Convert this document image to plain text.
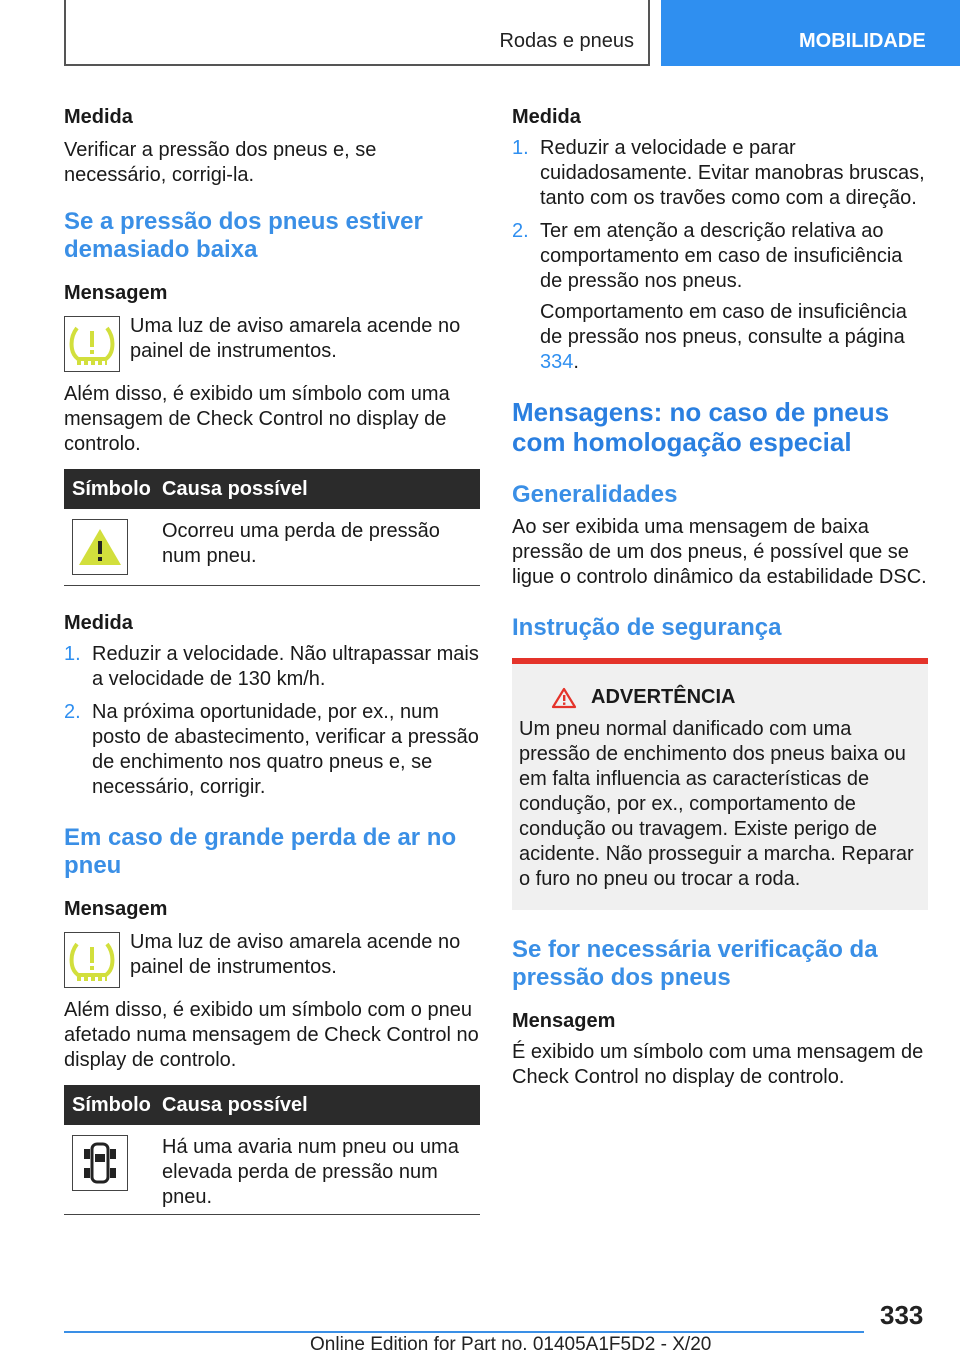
Rodas e pneus	MOBILIDADE
Medida
Verificar a pressão dos pneus e, se necessário, corrigi-la.
Se a pressão dos pneus estiver demasiado baixa
Mensagem
Uma luz de aviso amarela acende no painel de instrumentos.
Além disso, é exibido um símbolo com uma mensagem de Check Control no display de controlo.
Símbolo Causa possível
Ocorreu uma perda de pressão num pneu.
Medida
1. Reduzir a velocidade. Não ultrapassar mais a velocidade de 130 km/h.
2. Na próxima oportunidade, por ex., num posto de abastecimento, verificar a pressão de enchimento nos quatro pneus e, se necessário, corrigir.
Em caso de grande perda de ar no pneu
Mensagem
Uma luz de aviso amarela acende no painel de instrumentos.
Além disso, é exibido um símbolo com o pneu afetado numa mensagem de Check Control no display de controlo.
Símbolo Causa possível
Há uma avaria num pneu ou uma elevada perda de pressão num pneu.
Medida
1. Reduzir a velocidade e parar cuidadosamente. Evitar manobras bruscas, tanto com os travões como com a direção.
2. Ter em atenção a descrição relativa ao comportamento em caso de insuficiência de pressão nos pneus.
Comportamento em caso de insuficiência de pressão nos pneus, consulte a página 334.
Mensagens: no caso de pneus com homologação especial
Generalidades
Ao ser exibida uma mensagem de baixa pressão de um dos pneus, é possível que se ligue o controlo dinâmico da estabilidade DSC.
Instrução de segurança
ADVERTÊNCIA
Um pneu normal danificado com uma pressão de enchimento dos pneus baixa ou em falta influencia as características de condução, por ex., comportamento de condução ou travagem. Existe perigo de acidente. Não prosseguir a marcha. Reparar o furo no pneu ou trocar a roda.
Se for necessária verificação da pressão dos pneus
Mensagem
É exibido um símbolo com uma mensagem de Check Control no display de controlo.
333
Online Edition for Part no. 01405A1F5D2 - X/20
